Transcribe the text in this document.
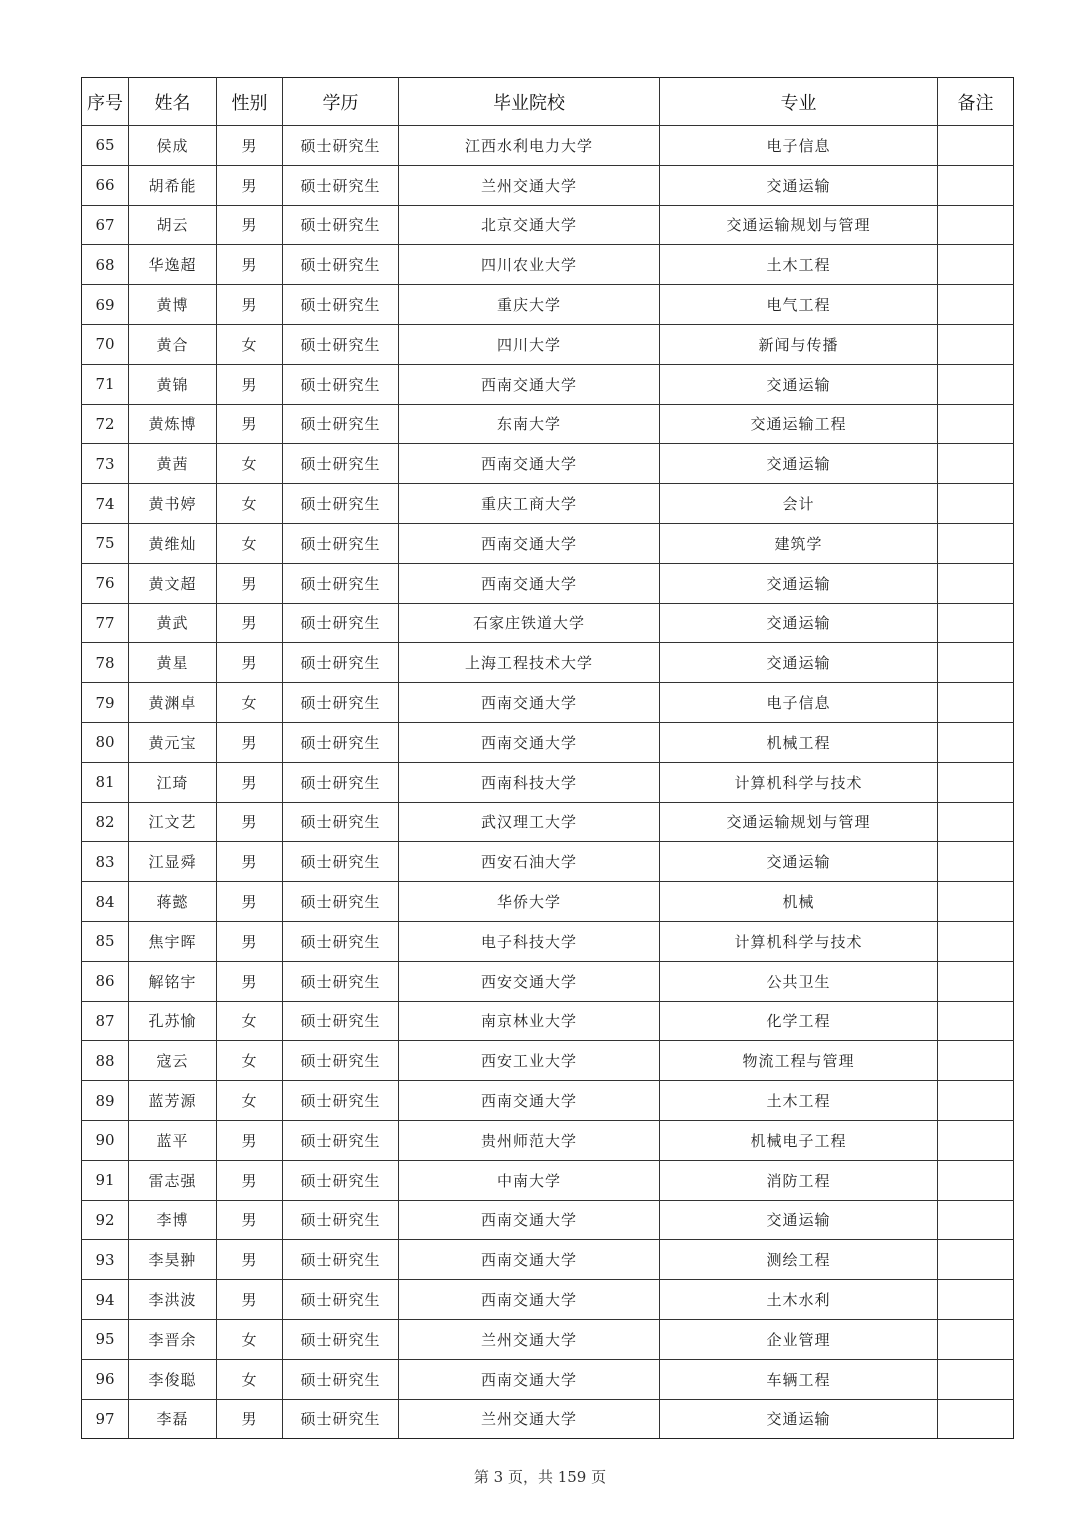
序号	姓名	性别	学历	毕业院校	专业	备注
65	侯成	男	硕士研究生	江西水利电力大学	电子信息	
66	胡希能	男	硕士研究生	兰州交通大学	交通运输	
67	胡云	男	硕士研究生	北京交通大学	交通运输规划与管理	
68	华逸超	男	硕士研究生	四川农业大学	土木工程	
69	黄博	男	硕士研究生	重庆大学	电气工程	
70	黄合	女	硕士研究生	四川大学	新闻与传播	
71	黄锦	男	硕士研究生	西南交通大学	交通运输	
72	黄炼博	男	硕士研究生	东南大学	交通运输工程	
73	黄茜	女	硕士研究生	西南交通大学	交通运输	
74	黄书婷	女	硕士研究生	重庆工商大学	会计	
75	黄维灿	女	硕士研究生	西南交通大学	建筑学	
76	黄文超	男	硕士研究生	西南交通大学	交通运输	
77	黄武	男	硕士研究生	石家庄铁道大学	交通运输	
78	黄星	男	硕士研究生	上海工程技术大学	交通运输	
79	黄渊卓	女	硕士研究生	西南交通大学	电子信息	
80	黄元宝	男	硕士研究生	西南交通大学	机械工程	
81	江琦	男	硕士研究生	西南科技大学	计算机科学与技术	
82	江文艺	男	硕士研究生	武汉理工大学	交通运输规划与管理	
83	江显舜	男	硕士研究生	西安石油大学	交通运输	
84	蒋懿	男	硕士研究生	华侨大学	机械	
85	焦宇晖	男	硕士研究生	电子科技大学	计算机科学与技术	
86	解铭宇	男	硕士研究生	西安交通大学	公共卫生	
87	孔苏愉	女	硕士研究生	南京林业大学	化学工程	
88	寇云	女	硕士研究生	西安工业大学	物流工程与管理	
89	蓝芳源	女	硕士研究生	西南交通大学	土木工程	
90	蓝平	男	硕士研究生	贵州师范大学	机械电子工程	
91	雷志强	男	硕士研究生	中南大学	消防工程	
92	李博	男	硕士研究生	西南交通大学	交通运输	
93	李昊翀	男	硕士研究生	西南交通大学	测绘工程	
94	李洪波	男	硕士研究生	西南交通大学	土木水利	
95	李晋余	女	硕士研究生	兰州交通大学	企业管理	
96	李俊聪	女	硕士研究生	西南交通大学	车辆工程	
97	李磊	男	硕士研究生	兰州交通大学	交通运输	
第 3 页，共 159 页
